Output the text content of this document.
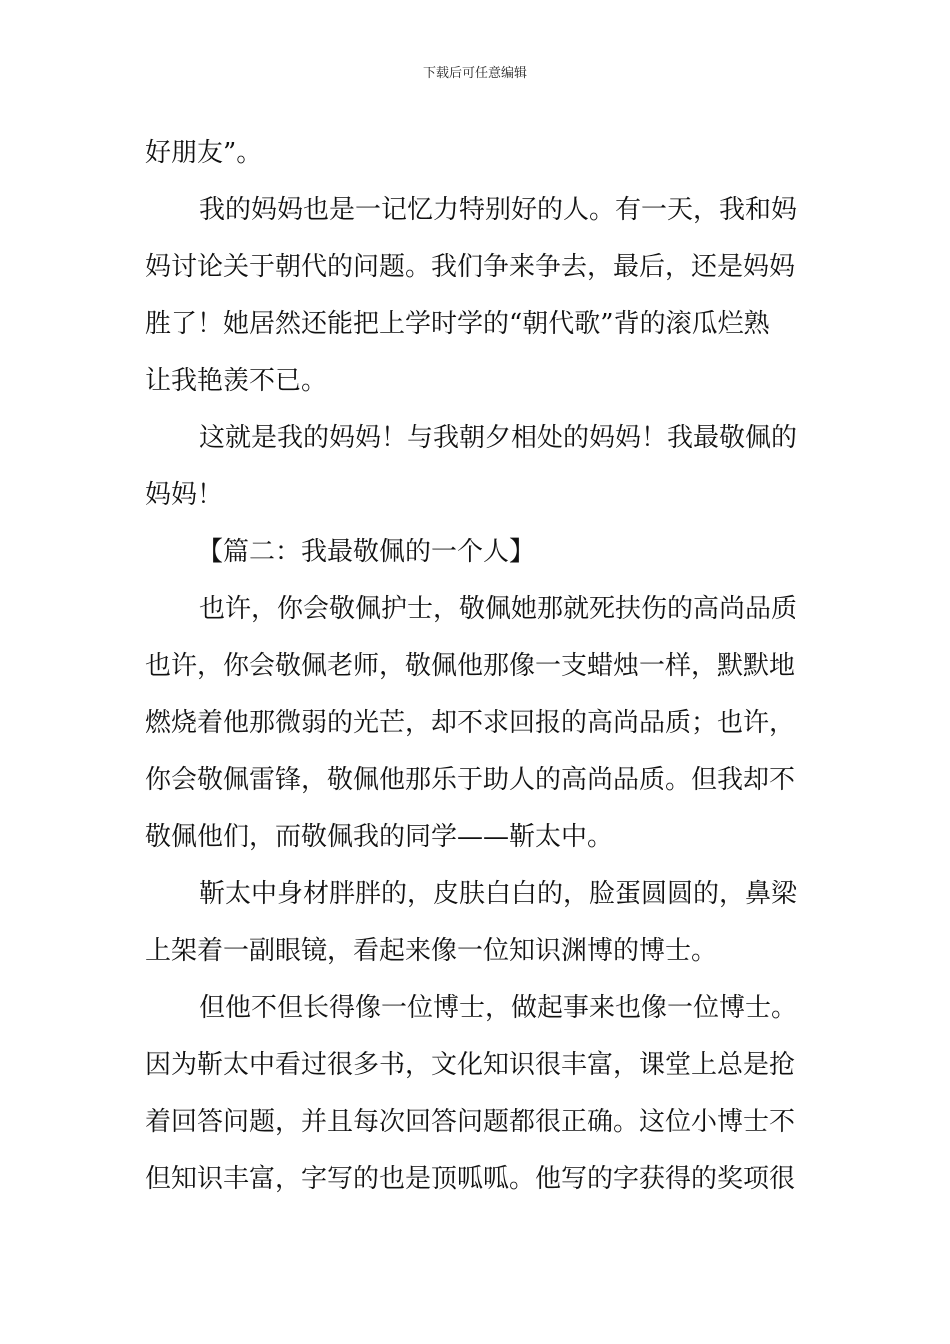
下载后可任意编辑
好朋友”。
我的妈妈也是一记忆力特别好的人。有一天，我和妈
妈讨论关于朝代的问题。我们争来争去，最后，还是妈妈
胜了！她居然还能把上学时学的“朝代歌”背的滚瓜烂熟
让我艳羡不已。
这就是我的妈妈！与我朝夕相处的妈妈！我最敬佩的
妈妈！
【篇二：我最敬佩的一个人】
也许，你会敬佩护士，敬佩她那就死扶伤的高尚品质
也许，你会敬佩老师，敬佩他那像一支蜡烛一样，默默地
燃烧着他那微弱的光芒，却不求回报的高尚品质；也许，
你会敬佩雷锋，敬佩他那乐于助人的高尚品质。但我却不
敬佩他们，而敬佩我的同学——靳太中。
靳太中身材胖胖的，皮肤白白的，脸蛋圆圆的，鼻梁
上架着一副眼镜，看起来像一位知识渊博的博士。
但他不但长得像一位博士，做起事来也像一位博士。
因为靳太中看过很多书，文化知识很丰富，课堂上总是抢
着回答问题，并且每次回答问题都很正确。这位小博士不
但知识丰富，字写的也是顶呱呱。他写的字获得的奖项很
